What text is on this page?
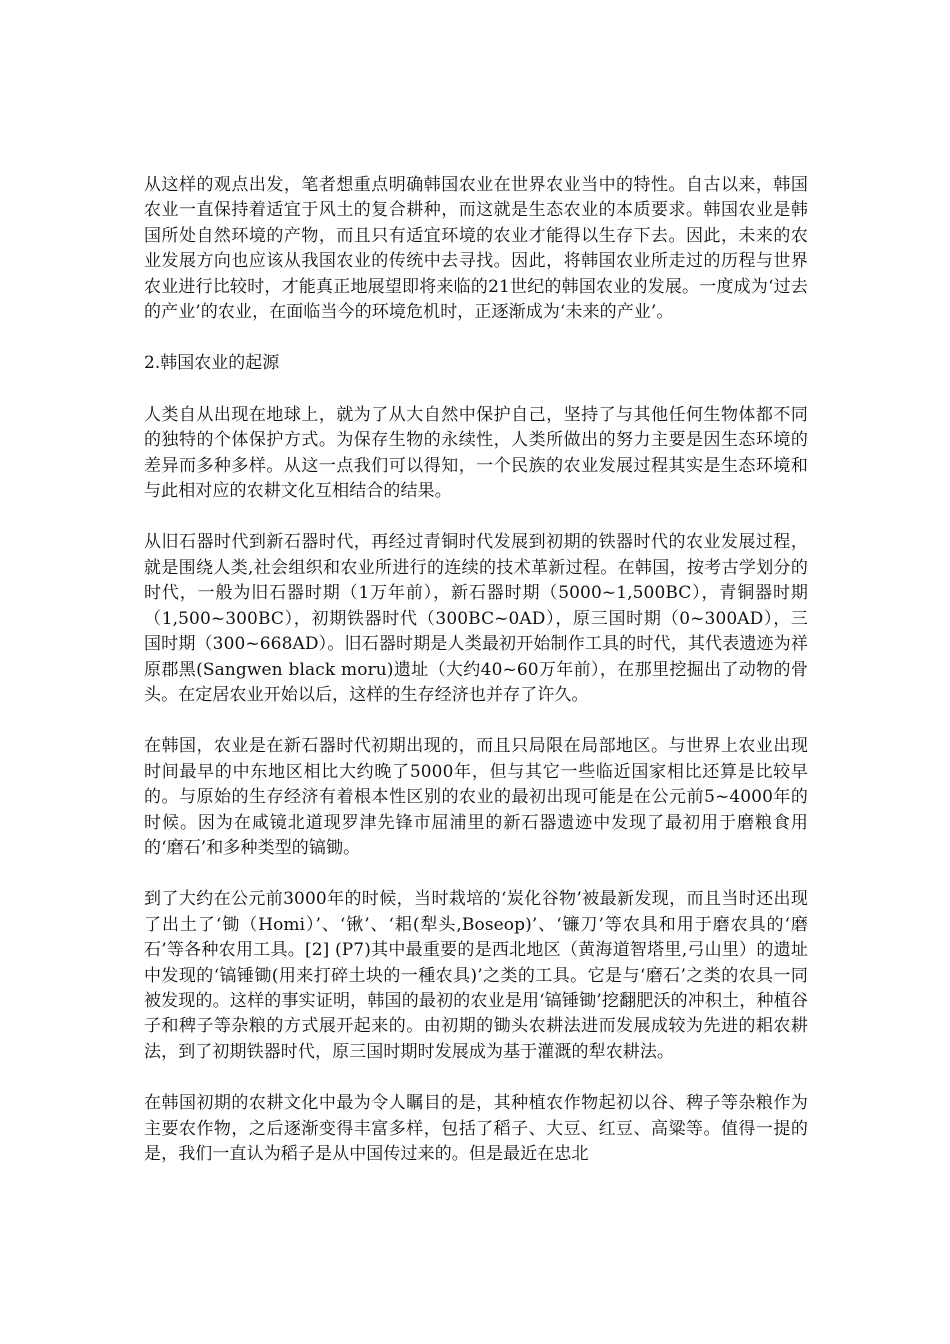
从这样的观点出发，笔者想重点明确韩国农业在世界农业当中的特性。自古以来，韩国农业一直保持着适宜于风土的复合耕种，而这就是生态农业的本质要求。韩国农业是韩国所处自然环境的产物，而且只有适宜环境的农业才能得以生存下去。因此，未来的农业发展方向也应该从我国农业的传统中去寻找。因此，将韩国农业所走过的历程与世界农业进行比较时，才能真正地展望即将来临的21世纪的韩国农业的发展。一度成为‘过去的产业’的农业，在面临当今的环境危机时，正逐渐成为‘未来的产业’。

2.韩国农业的起源

人类自从出现在地球上，就为了从大自然中保护自己，坚持了与其他任何生物体都不同的独特的个体保护方式。为保存生物的永续性，人类所做出的努力主要是因生态环境的差异而多种多样。从这一点我们可以得知，一个民族的农业发展过程其实是生态环境和与此相对应的农耕文化互相结合的结果。

从旧石器时代到新石器时代，再经过青铜时代发展到初期的铁器时代的农业发展过程，就是围绕人类,社会组织和农业所进行的连续的技术革新过程。在韩国，按考古学划分的时代，一般为旧石器时期（1万年前），新石器时期（5000~1,500BC），青铜器时期（1,500~300BC），初期铁器时代（300BC~0AD），原三国时期（0~300AD），三国时期（300~668AD）。旧石器时期是人类最初开始制作工具的时代，其代表遗迹为祥原郡黑(Sangwen black moru)遗址（大约40~60万年前），在那里挖掘出了动物的骨头。在定居农业开始以后，这样的生存经济也并存了许久。

在韩国，农业是在新石器时代初期出现的，而且只局限在局部地区。与世界上农业出现时间最早的中东地区相比大约晚了5000年，但与其它一些临近国家相比还算是比较早的。与原始的生存经济有着根本性区别的农业的最初出现可能是在公元前5~4000年的时候。因为在咸镜北道现罗津先锋市屈浦里的新石器遗迹中发现了最初用于磨粮食用的‘磨石’和多种类型的镐锄。

到了大约在公元前3000年的时候，当时栽培的‘炭化谷物’被最新发现，而且当时还出现了出土了‘锄（Homi）’、‘锹’、‘耜(犁头,Boseop)’、‘镰刀’等农具和用于磨农具的‘磨石’等各种农用工具。[2] (P7)其中最重要的是西北地区（黄海道智塔里,弓山里）的遗址中发现的‘镐锤锄(用来打碎土块的一種农具)’之类的工具。它是与‘磨石’之类的农具一同被发现的。这样的事实证明，韩国的最初的农业是用‘镐锤锄’挖翻肥沃的冲积土，种植谷子和稗子等杂粮的方式展开起来的。由初期的锄头农耕法进而发展成较为先进的耜农耕法，到了初期铁器时代，原三国时期时发展成为基于灌溉的犁农耕法。

在韩国初期的农耕文化中最为令人瞩目的是，其种植农作物起初以谷、稗子等杂粮作为主要农作物，之后逐渐变得丰富多样，包括了稻子、大豆、红豆、高粱等。值得一提的是，我们一直认为稻子是从中国传过来的。但是最近在忠北
